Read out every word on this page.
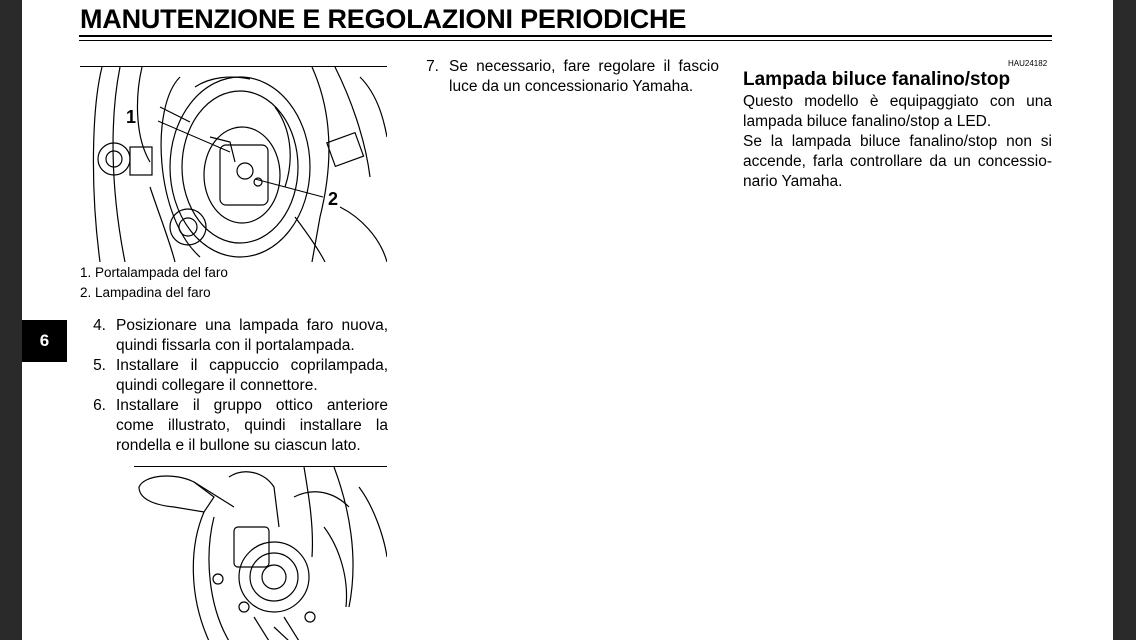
MANUTENZIONE E REGOLAZIONI PERIODICHE
6
1
2
1. Portalampada del faro
2. Lampadina del faro
4. Posizionare una lampada faro nuova, quindi fissarla con il portalampada.
5. Installare il cappuccio coprilampada, quindi collegare il connettore.
6. Installare il gruppo ottico anteriore come illustrato, quindi installare la rondella e il bullone su ciascun lato.
7. Se necessario, fare regolare il fascio luce da un concessionario Yamaha.
HAU24182
Lampada biluce fanalino/stop
Questo modello è equipaggiato con una lampada biluce fanalino/stop a LED.
Se la lampada biluce fanalino/stop non si accende, farla controllare da un concessio-nario Yamaha.
